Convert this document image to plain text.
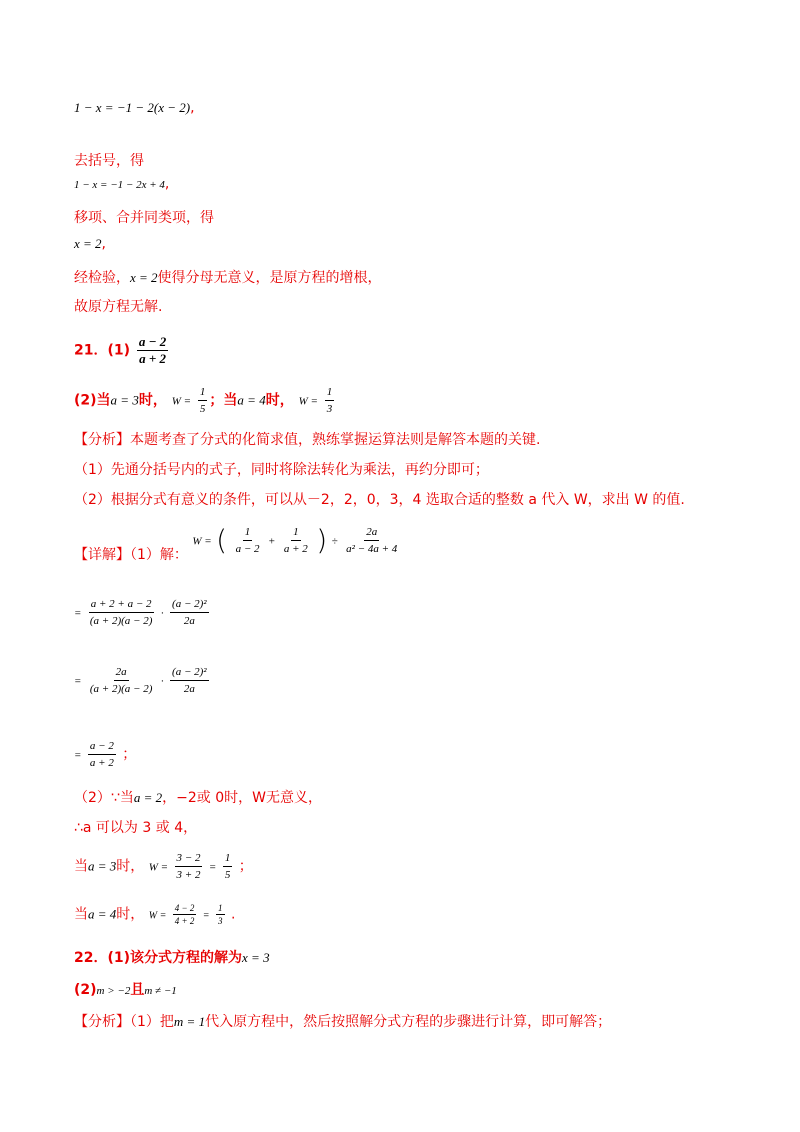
1 − x = −1 − 2(x − 2),
去括号，得
1 − x = −1 − 2x + 4,
移项、合并同类项，得
x = 2,
经检验，x = 2使得分母无意义，是原方程的增根，
故原方程无解.
21．$(1) \frac{a - 2}{a + 2}$
(2)当a = 3时， $W = \frac{1}{5}$ ；当a = 4时， $W = \frac{1}{3}$
【分析】本题考查了分式的化简求值，熟练掌握运算法则是解答本题的关键.
（1）先通分括号内的式子，同时将除法转化为乘法，再约分即可；
（2）根据分式有意义的条件，可以从－2，2，0，3，4 选取合适的整数 a 代入 W，求出 W 的值.
【详解】（1）解： W = ( $\frac{1}{a - 2} + \frac{1}{a + 2}$ ) ÷ $\frac{2a}{\text{a² − 4a + 4}}$
= $\frac{a + 2 + a - 2}{(a + 2)(a - 2)} \cdot \frac{\text{(a − 2)²}}{2a}$
= $\frac{2a}{(a + 2)(a - 2)} \cdot \frac{\text{(a − 2)²}}{2a}$
= $\frac{a - 2}{a + 2}$ ；
（2）∵当a = 2，−2或 0时，W无意义，
∴a 可以为 3 或 4，
当a = 3时， $W = \frac{3 - 2}{3 + 2} = \frac{1}{5}$ ；
当a = 4时， $W = \frac{4 - 2}{4 + 2} = \frac{1}{3}$ .
22．(1)该分式方程的解为x = 3
(2)m > −2且m ≠ −1
【分析】（1）把m = 1代入原方程中，然后按照解分式方程的步骤进行计算，即可解答；
